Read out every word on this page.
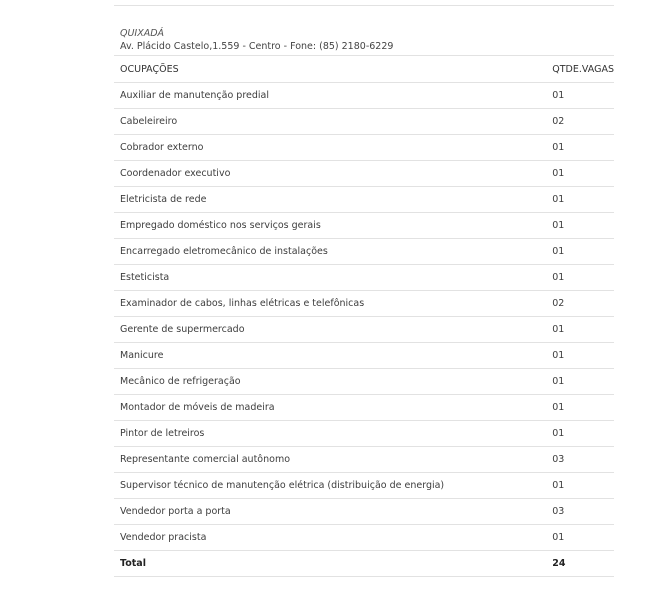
QUIXADÁ
Av. Plácido Castelo,1.559 - Centro - Fone: (85) 2180-6229
OCUPAÇÕES	QTDE.VAGAS
Auxiliar de manutenção predial	01
Cabeleireiro	02
Cobrador externo	01
Coordenador executivo	01
Eletricista de rede	01
Empregado doméstico nos serviços gerais	01
Encarregado eletromecânico de instalações	01
Esteticista	01
Examinador de cabos, linhas elétricas e telefônicas	02
Gerente de supermercado	01
Manicure	01
Mecânico de refrigeração	01
Montador de móveis de madeira	01
Pintor de letreiros	01
Representante comercial autônomo	03
Supervisor técnico de manutenção elétrica (distribuição de energia)	01
Vendedor porta a porta	03
Vendedor pracista	01
Total	24
